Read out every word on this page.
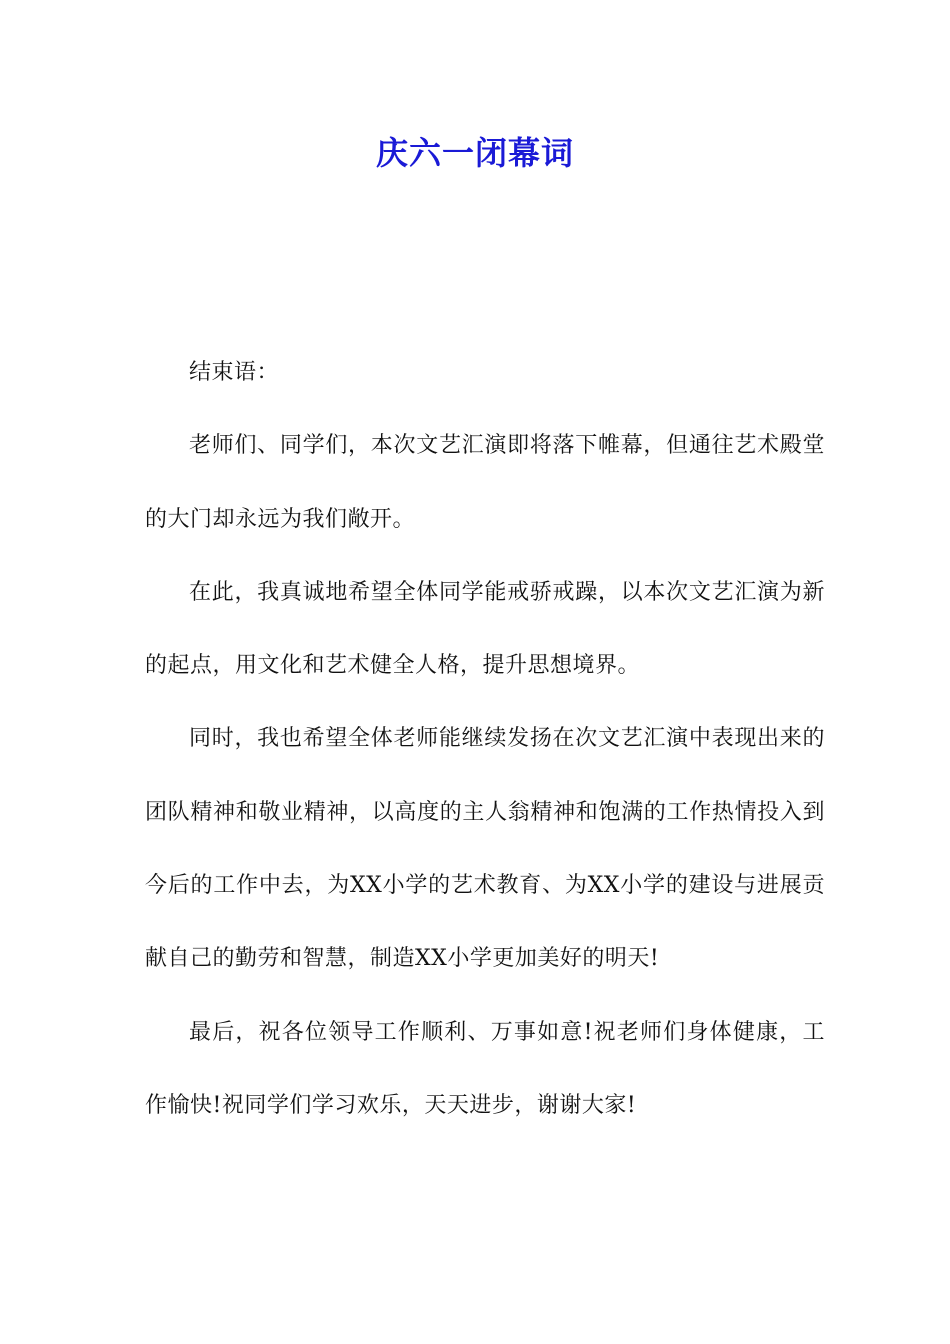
庆六一闭幕词

结束语：

老师们、同学们，本次文艺汇演即将落下帷幕，但通往艺术殿堂的大门却永远为我们敞开。

在此，我真诚地希望全体同学能戒骄戒躁，以本次文艺汇演为新的起点，用文化和艺术健全人格，提升思想境界。

同时，我也希望全体老师能继续发扬在次文艺汇演中表现出来的团队精神和敬业精神，以高度的主人翁精神和饱满的工作热情投入到今后的工作中去，为XX小学的艺术教育、为XX小学的建设与进展贡献自己的勤劳和智慧，制造XX小学更加美好的明天!

最后，祝各位领导工作顺利、万事如意!祝老师们身体健康，工作愉快!祝同学们学习欢乐，天天进步，谢谢大家!
